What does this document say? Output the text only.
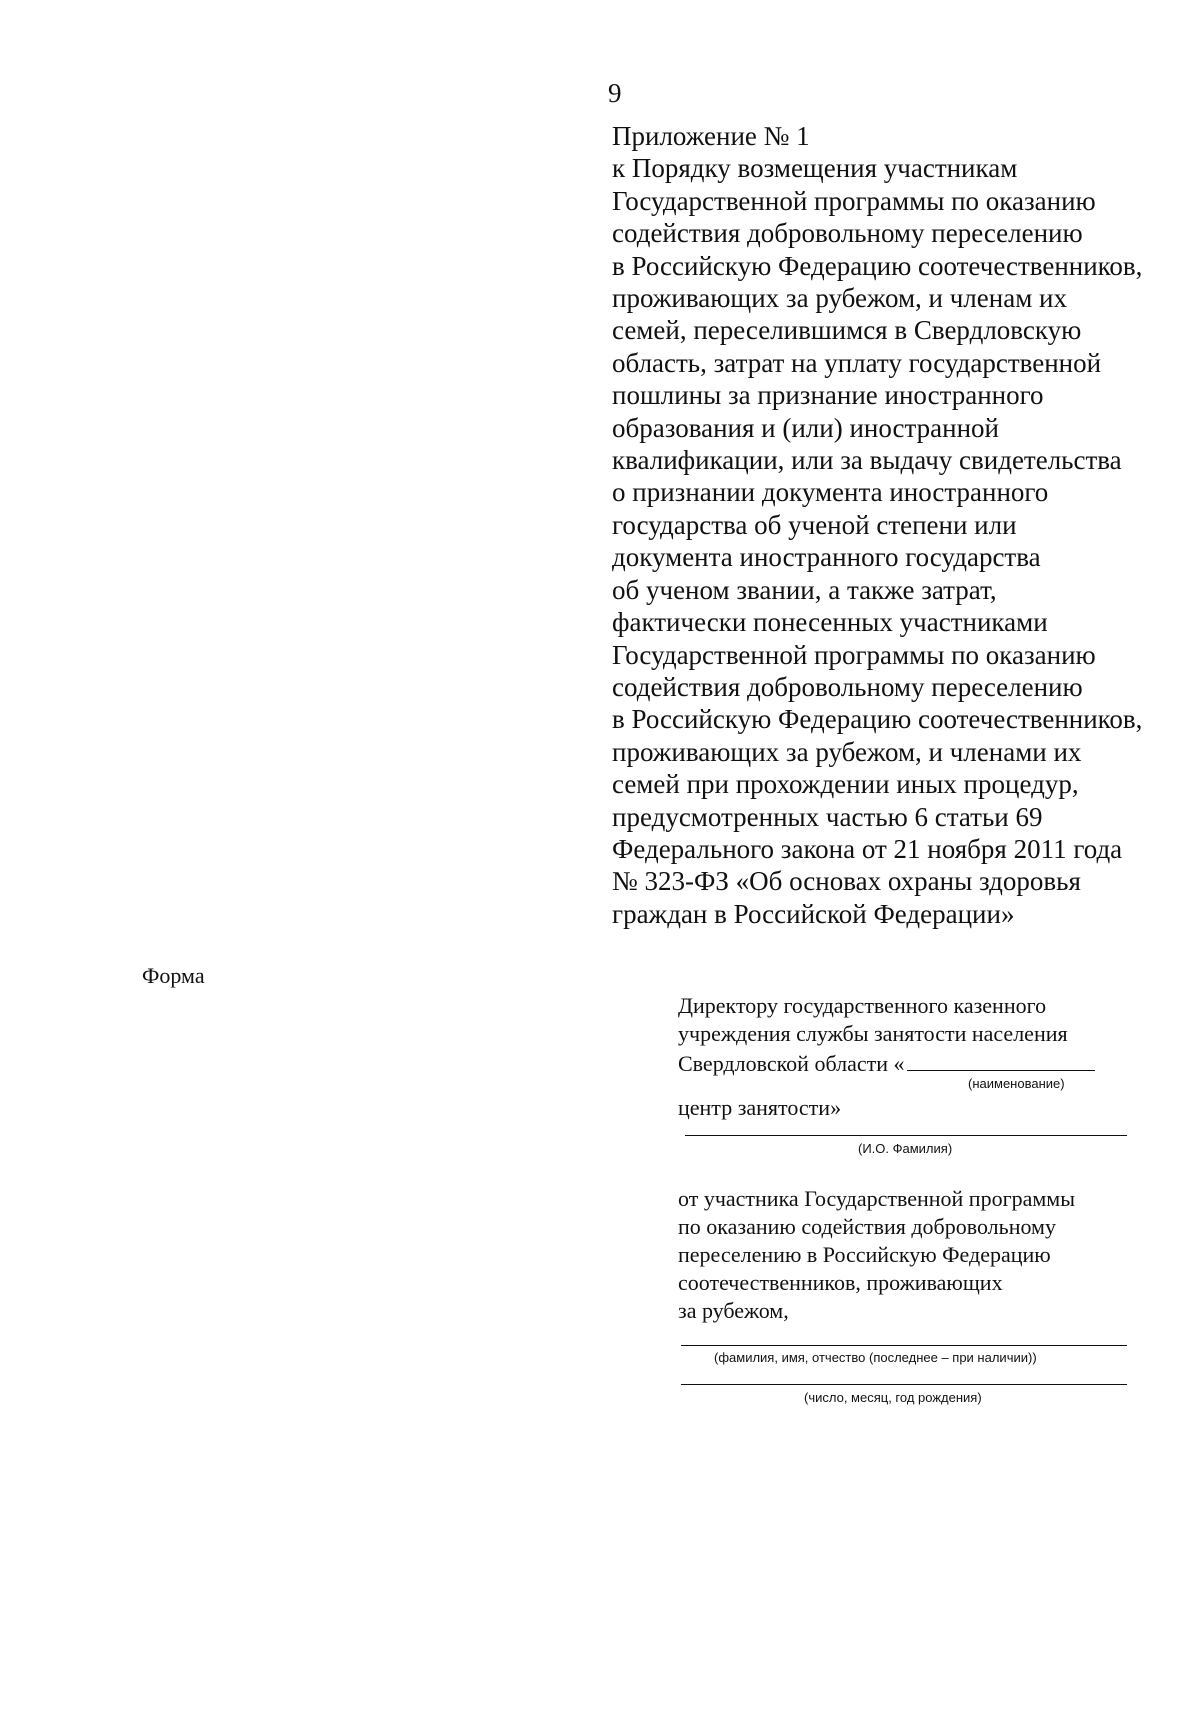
9
Приложение № 1
к Порядку возмещения участникам
Государственной программы по оказанию
содействия добровольному переселению
в Российскую Федерацию соотечественников,
проживающих за рубежом, и членам их
семей, переселившимся в Свердловскую
область, затрат на уплату государственной
пошлины за признание иностранного
образования и (или) иностранной
квалификации, или за выдачу свидетельства
о признании документа иностранного
государства об ученой степени или
документа иностранного государства
об ученом звании, а также затрат,
фактически понесенных участниками
Государственной программы по оказанию
содействия добровольному переселению
в Российскую Федерацию соотечественников,
проживающих за рубежом, и членами их
семей при прохождении иных процедур,
предусмотренных частью 6 статьи 69
Федерального закона от 21 ноября 2011 года
№ 323-ФЗ «Об основах охраны здоровья
граждан в Российской Федерации»
Форма
Директору государственного казенного
учреждения службы занятости населения
Свердловской области «
(наименование)
центр занятости»
(И.О. Фамилия)
от участника Государственной программы
по оказанию содействия добровольному
переселению в Российскую Федерацию
соотечественников, проживающих
за рубежом,
(фамилия, имя, отчество (последнее – при наличии))
(число, месяц, год рождения)
